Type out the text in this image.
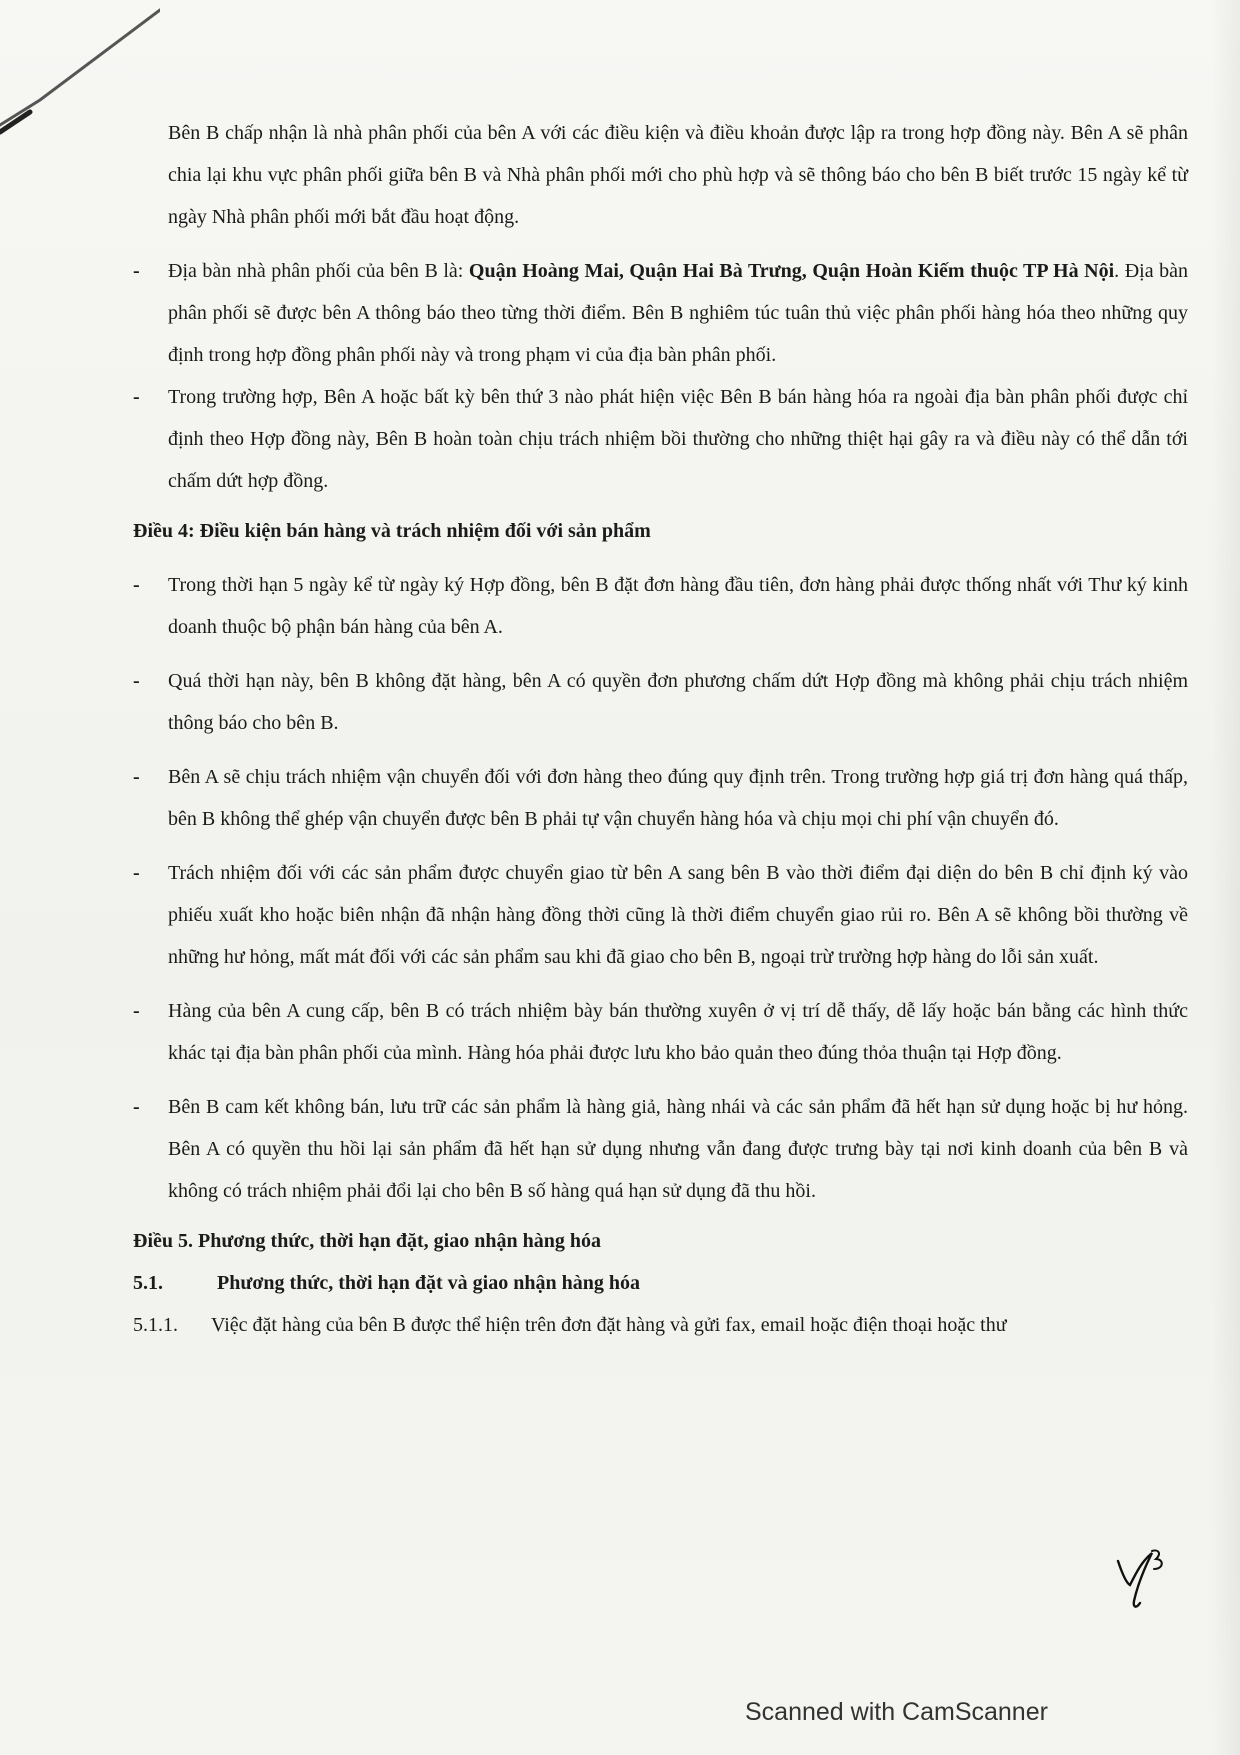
Bên B chấp nhận là nhà phân phối của bên A với các điều kiện và điều khoản được lập ra trong hợp đồng này. Bên A sẽ phân chia lại khu vực phân phối giữa bên B và Nhà phân phối mới cho phù hợp và sẽ thông báo cho bên B biết trước 15 ngày kể từ ngày Nhà phân phối mới bắt đầu hoạt động.

- Địa bàn nhà phân phối của bên B là: Quận Hoàng Mai, Quận Hai Bà Trưng, Quận Hoàn Kiếm thuộc TP Hà Nội. Địa bàn phân phối sẽ được bên A thông báo theo từng thời điểm. Bên B nghiêm túc tuân thủ việc phân phối hàng hóa theo những quy định trong hợp đồng phân phối này và trong phạm vi của địa bàn phân phối.

- Trong trường hợp, Bên A hoặc bất kỳ bên thứ 3 nào phát hiện việc Bên B bán hàng hóa ra ngoài địa bàn phân phối được chỉ định theo Hợp đồng này, Bên B hoàn toàn chịu trách nhiệm bồi thường cho những thiệt hại gây ra và điều này có thể dẫn tới chấm dứt hợp đồng.

Điều 4: Điều kiện bán hàng và trách nhiệm đối với sản phẩm

- Trong thời hạn 5 ngày kể từ ngày ký Hợp đồng, bên B đặt đơn hàng đầu tiên, đơn hàng phải được thống nhất với Thư ký kinh doanh thuộc bộ phận bán hàng của bên A.

- Quá thời hạn này, bên B không đặt hàng, bên A có quyền đơn phương chấm dứt Hợp đồng mà không phải chịu trách nhiệm thông báo cho bên B.

- Bên A sẽ chịu trách nhiệm vận chuyển đối với đơn hàng theo đúng quy định trên. Trong trường hợp giá trị đơn hàng quá thấp, bên B không thể ghép vận chuyển được bên B phải tự vận chuyển hàng hóa và chịu mọi chi phí vận chuyển đó.

- Trách nhiệm đối với các sản phẩm được chuyển giao từ bên A sang bên B vào thời điểm đại diện do bên B chỉ định ký vào phiếu xuất kho hoặc biên nhận đã nhận hàng đồng thời cũng là thời điểm chuyển giao rủi ro. Bên A sẽ không bồi thường về những hư hỏng, mất mát đối với các sản phẩm sau khi đã giao cho bên B, ngoại trừ trường hợp hàng do lỗi sản xuất.

- Hàng của bên A cung cấp, bên B có trách nhiệm bày bán thường xuyên ở vị trí dễ thấy, dễ lấy hoặc bán bằng các hình thức khác tại địa bàn phân phối của mình. Hàng hóa phải được lưu kho bảo quản theo đúng thỏa thuận tại Hợp đồng.

- Bên B cam kết không bán, lưu trữ các sản phẩm là hàng giả, hàng nhái và các sản phẩm đã hết hạn sử dụng hoặc bị hư hỏng. Bên A có quyền thu hồi lại sản phẩm đã hết hạn sử dụng nhưng vẫn đang được trưng bày tại nơi kinh doanh của bên B và không có trách nhiệm phải đổi lại cho bên B số hàng quá hạn sử dụng đã thu hồi.

Điều 5. Phương thức, thời hạn đặt, giao nhận hàng hóa

5.1.	Phương thức, thời hạn đặt và giao nhận hàng hóa

5.1.1.	Việc đặt hàng của bên B được thể hiện trên đơn đặt hàng và gửi fax, email hoặc điện thoại hoặc thư

Scanned with CamScanner
